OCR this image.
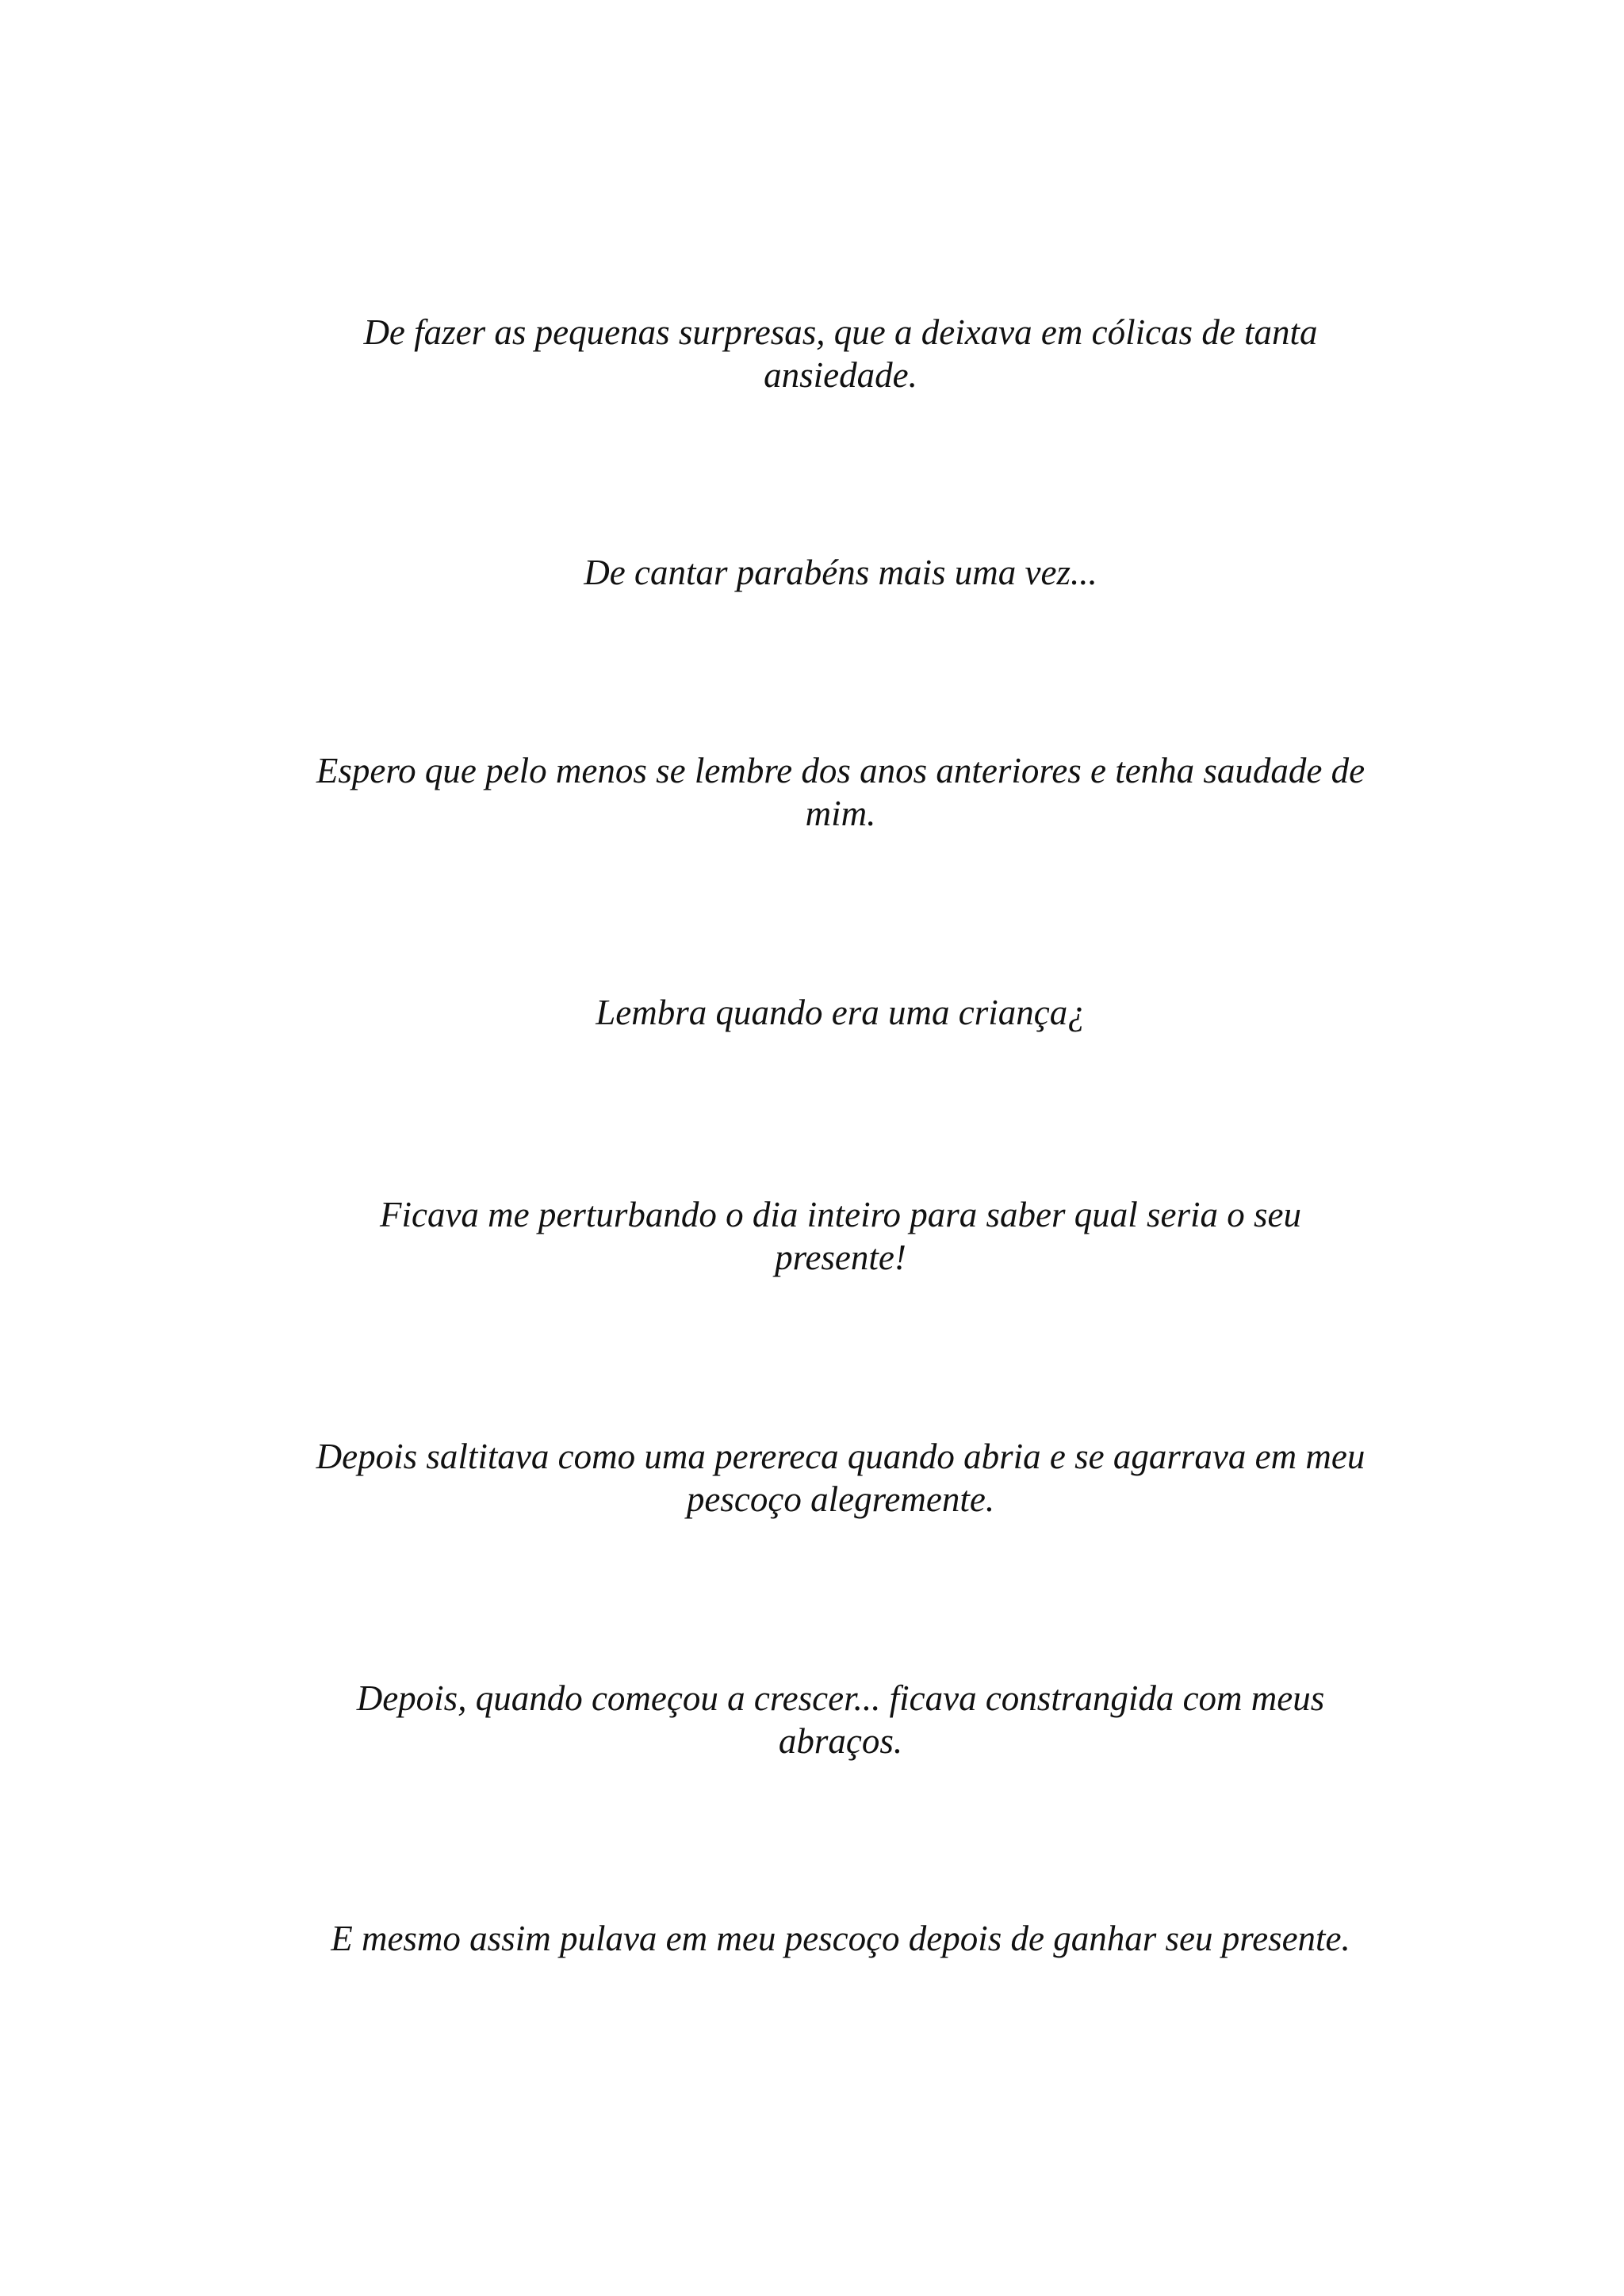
De fazer as pequenas surpresas, que a deixava em cólicas de tanta
ansiedade.
De cantar parabéns mais uma vez...
Espero que pelo menos se lembre dos anos anteriores e tenha saudade de
mim.
Lembra quando era uma criança¿
Ficava me perturbando o dia inteiro para saber qual seria o seu
presente!
Depois saltitava como uma perereca quando abria e se agarrava em meu
pescoço alegremente.
Depois, quando começou a crescer... ficava constrangida com meus
abraços.
E mesmo assim pulava em meu pescoço depois de ganhar seu presente.
